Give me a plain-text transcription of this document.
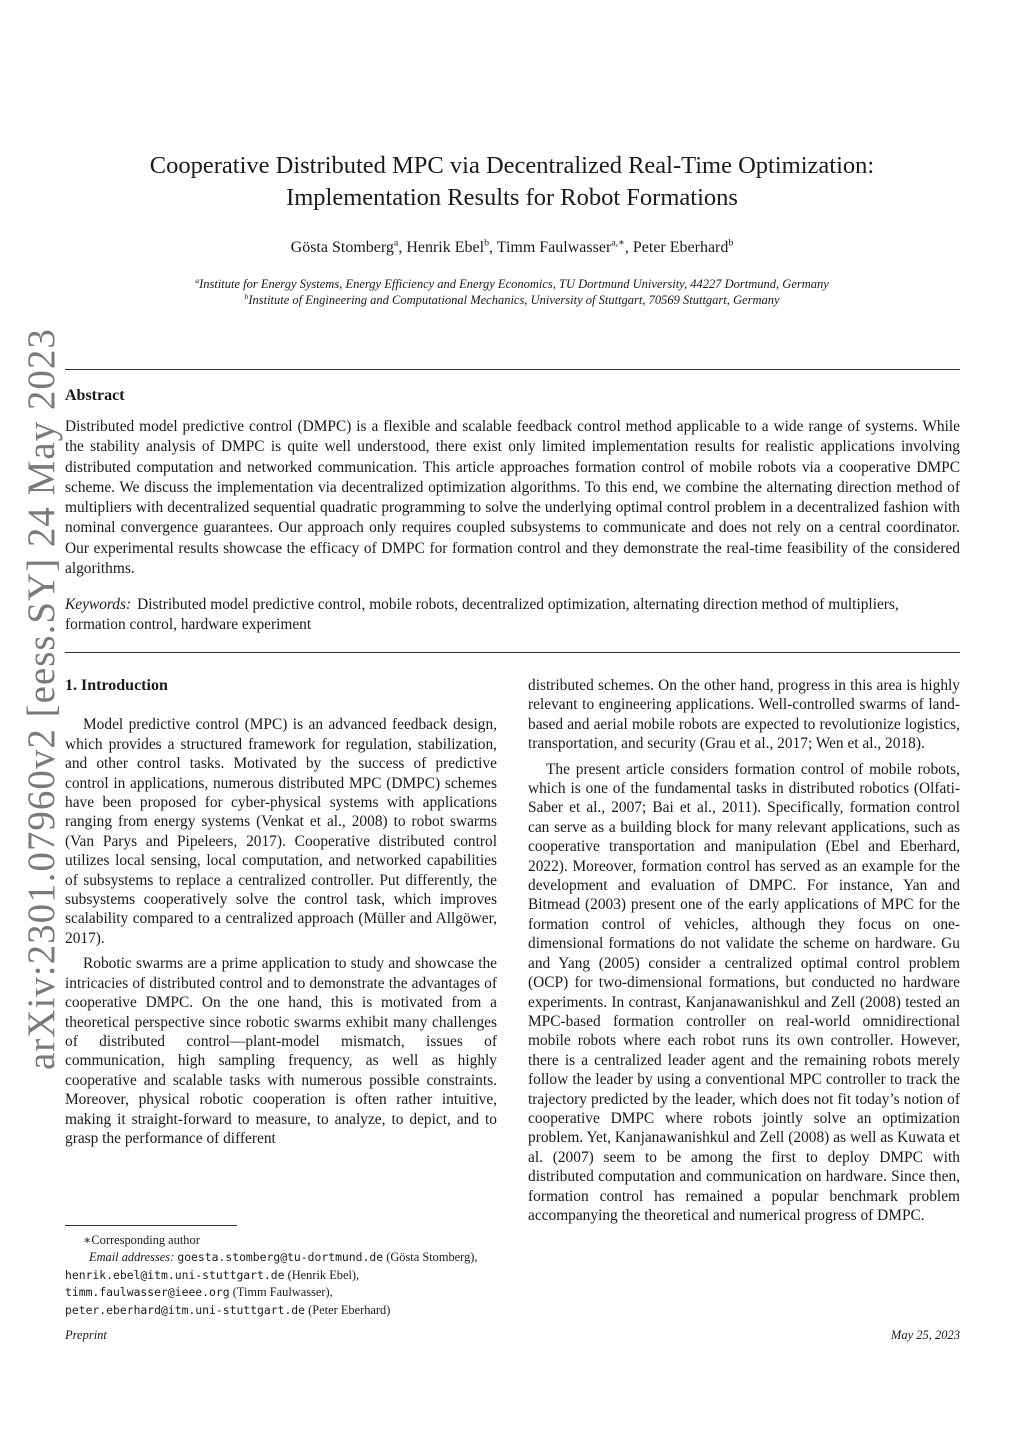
arXiv:2301.07960v2 [eess.SY] 24 May 2023
Cooperative Distributed MPC via Decentralized Real-Time Optimization:
Implementation Results for Robot Formations
Gösta Stomberg$^a$, Henrik Ebel$^b$, Timm Faulwasser$^{a,∗}$, Peter Eberhard$^b$
$^a$Institute for Energy Systems, Energy Efficiency and Energy Economics, TU Dortmund University, 44227 Dortmund, Germany
$^b$Institute of Engineering and Computational Mechanics, University of Stuttgart, 70569 Stuttgart, Germany
Abstract
Distributed model predictive control (DMPC) is a flexible and scalable feedback control method applicable to a wide range of systems. While the stability analysis of DMPC is quite well understood, there exist only limited implementation results for realistic applications involving distributed computation and networked communication. This article approaches formation control of mobile robots via a cooperative DMPC scheme. We discuss the implementation via decentralized optimization algorithms. To this end, we combine the alternating direction method of multipliers with decentralized sequential quadratic programming to solve the underlying optimal control problem in a decentralized fashion with nominal convergence guarantees. Our approach only requires coupled subsystems to communicate and does not rely on a central coordinator. Our experimental results showcase the efficacy of DMPC for formation control and they demonstrate the real-time feasibility of the considered algorithms.
Keywords: Distributed model predictive control, mobile robots, decentralized optimization, alternating direction method of multipliers, formation control, hardware experiment
1. Introduction

Model predictive control (MPC) is an advanced feedback design, which provides a structured framework for regulation, stabilization, and other control tasks. Motivated by the success of predictive control in applications, numerous distributed MPC (DMPC) schemes have been proposed for cyber-physical systems with applications ranging from energy systems (Venkat et al., 2008) to robot swarms (Van Parys and Pipeleers, 2017). Cooperative distributed control utilizes local sensing, local computation, and networked capabilities of subsystems to replace a centralized controller. Put differently, the subsystems cooperatively solve the control task, which improves scalability compared to a centralized approach (Müller and Allgöwer, 2017).

Robotic swarms are a prime application to study and showcase the intricacies of distributed control and to demonstrate the advantages of cooperative DMPC. On the one hand, this is motivated from a theoretical perspective since robotic swarms exhibit many challenges of distributed control—plant-model mismatch, issues of communication, high sampling frequency, as well as highly cooperative and scalable tasks with numerous possible constraints. Moreover, physical robotic cooperation is often rather intuitive, making it straight-forward to measure, to analyze, to depict, and to grasp the performance of different

distributed schemes. On the other hand, progress in this area is highly relevant to engineering applications. Well-controlled swarms of land-based and aerial mobile robots are expected to revolutionize logistics, transportation, and security (Grau et al., 2017; Wen et al., 2018).

The present article considers formation control of mobile robots, which is one of the fundamental tasks in distributed robotics (Olfati-Saber et al., 2007; Bai et al., 2011). Specifically, formation control can serve as a building block for many relevant applications, such as cooperative transportation and manipulation (Ebel and Eberhard, 2022). Moreover, formation control has served as an example for the development and evaluation of DMPC. For instance, Yan and Bitmead (2003) present one of the early applications of MPC for the formation control of vehicles, although they focus on one-dimensional formations do not validate the scheme on hardware. Gu and Yang (2005) consider a centralized optimal control problem (OCP) for two-dimensional formations, but conducted no hardware experiments. In contrast, Kanjanawanishkul and Zell (2008) tested an MPC-based formation controller on real-world omnidirectional mobile robots where each robot runs its own controller. However, there is a centralized leader agent and the remaining robots merely follow the leader by using a conventional MPC controller to track the trajectory predicted by the leader, which does not fit today’s notion of cooperative DMPC where robots jointly solve an optimization problem. Yet, Kanjanawanishkul and Zell (2008) as well as Kuwata et al. (2007) seem to be among the first to deploy DMPC with distributed computation and communication on hardware. Since then, formation control has remained a popular benchmark problem accompanying the theoretical and numerical progress of DMPC.

∗Corresponding author
Email addresses: goesta.stomberg@tu-dortmund.de (Gösta Stomberg), henrik.ebel@itm.uni-stuttgart.de (Henrik Ebel),
timm.faulwasser@ieee.org (Timm Faulwasser),
peter.eberhard@itm.uni-stuttgart.de (Peter Eberhard)
Preprint	May 25, 2023
